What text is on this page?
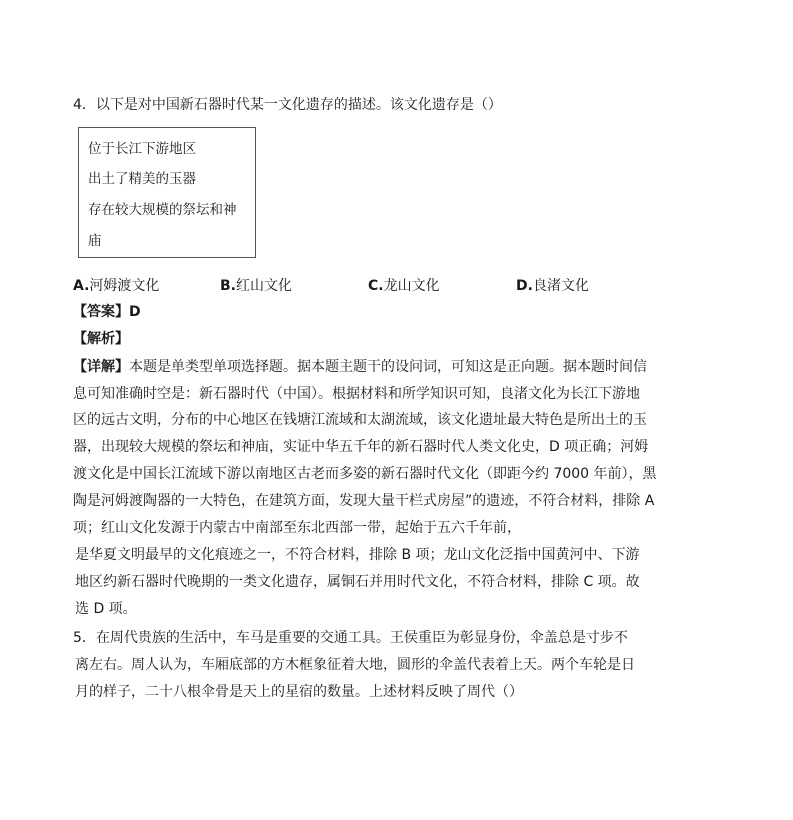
4．以下是对中国新石器时代某一文化遗存的描述。该文化遗存是（）
位于长江下游地区
出土了精美的玉器
存在较大规模的祭坛和神
庙
A.河姆渡文化	B.红山文化	C.龙山文化	D.良渚文化
【答案】D
【解析】
【详解】本题是单类型单项选择题。据本题主题干的设问词，可知这是正向题。据本题时间信
息可知准确时空是：新石器时代（中国）。根据材料和所学知识可知，良渚文化为长江下游地
区的远古文明，分布的中心地区在钱塘江流域和太湖流域，该文化遗址最大特色是所出土的玉
器，出现较大规模的祭坛和神庙，实证中华五千年的新石器时代人类文化史，D 项正确；河姆
渡文化是中国长江流域下游以南地区古老而多姿的新石器时代文化（即距今约 7000 年前），黑
陶是河姆渡陶器的一大特色，在建筑方面，发现大量干栏式房屋”的遗迹，不符合材料，排除 A
项；红山文化发源于内蒙古中南部至东北西部一带，起始于五六千年前，
是华夏文明最早的文化痕迹之一，不符合材料，排除 B 项；龙山文化泛指中国黄河中、下游
地区约新石器时代晚期的一类文化遗存，属铜石并用时代文化，不符合材料，排除 C 项。故
选 D 项。
5．在周代贵族的生活中，车马是重要的交通工具。王侯重臣为彰显身份，伞盖总是寸步不
离左右。周人认为，车厢底部的方木框象征着大地，圆形的伞盖代表着上天。两个车轮是日
月的样子，二十八根伞骨是天上的星宿的数量。上述材料反映了周代（）
